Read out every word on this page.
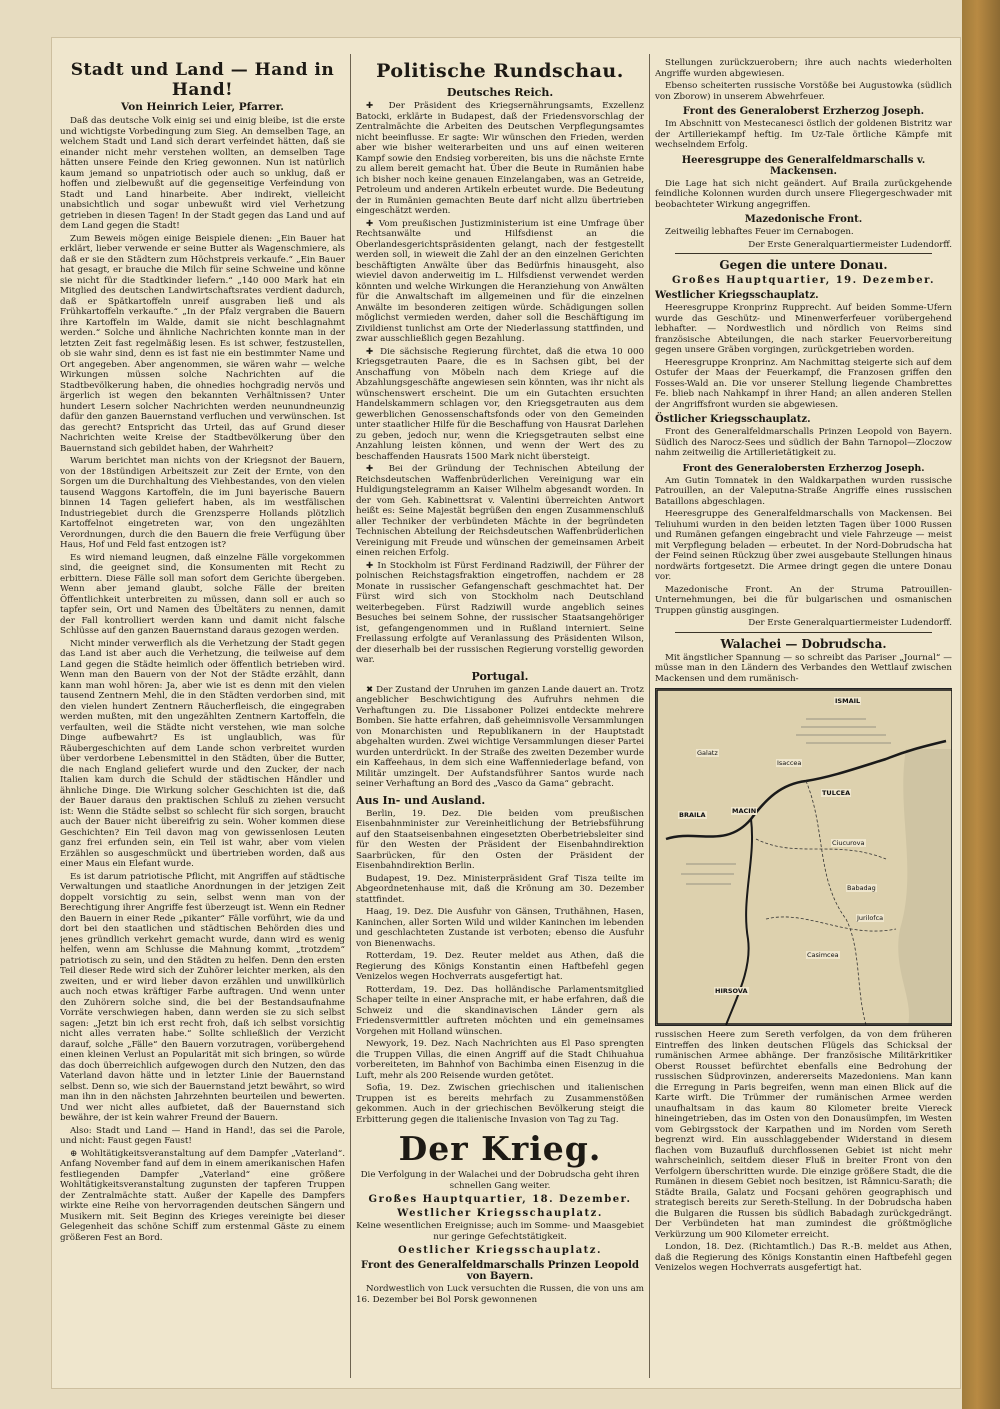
Stadt und Land — Hand in Hand!
Von Heinrich Leier, Pfarrer.

Daß das deutsche Volk einig sei und einig bleibe, ist die erste und wichtigste Vorbedingung zum Sieg. An demselben Tage, an welchem Stadt und Land sich derart verfeindet hätten, daß sie einander nicht mehr verstehen wollten, an demselben Tage hätten unsere Feinde den Krieg gewonnen. Nun ist natürlich kaum jemand so unpatriotisch oder auch so unklug, daß er hoffen und zielbewußt auf die gegenseitige Verfeindung von Stadt und Land hinarbeite. Aber indirekt, vielleicht unabsichtlich und sogar unbewußt wird viel Verhetzung getrieben in diesen Tagen! In der Stadt gegen das Land und auf dem Land gegen die Stadt!

Zum Beweis mögen einige Beispiele dienen: „Ein Bauer hat erklärt, lieber verwende er seine Butter als Wagenschmiere, als daß er sie den Städtern zum Höchstpreis verkaufe.“ „Ein Bauer hat gesagt, er brauche die Milch für seine Schweine und könne sie nicht für die Stadtkinder liefern.“ „140 000 Mark hat ein Mitglied des deutschen Landwirtschaftsrates verdient dadurch, daß er Spätkartoffeln unreif ausgraben ließ und als Frühkartoffeln verkaufte.“ „In der Pfalz vergraben die Bauern ihre Kartoffeln im Walde, damit sie nicht beschlagnahmt werden.“ Solche und ähnliche Nachrichten konnte man in der letzten Zeit fast regelmäßig lesen. Es ist schwer, festzustellen, ob sie wahr sind, denn es ist fast nie ein bestimmter Name und Ort angegeben. Aber angenommen, sie wären wahr — welche Wirkungen müssen solche Nachrichten auf die Stadtbevölkerung haben, die ohnedies hochgradig nervös und ärgerlich ist wegen den bekannten Verhältnissen? Unter hundert Lesern solcher Nachrichten werden neunundneunzig dafür den ganzen Bauernstand verfluchen und verwünschen. Ist das gerecht? Entspricht das Urteil, das auf Grund dieser Nachrichten weite Kreise der Stadtbevölkerung über den Bauernstand sich gebildet haben, der Wahrheit?

Warum berichtet man nichts von der Kriegsnot der Bauern, von der 18stündigen Arbeitszeit zur Zeit der Ernte, von den Sorgen um die Durchhaltung des Viehbestandes, von den vielen tausend Waggons Kartoffeln, die im Juni bayerische Bauern binnen 14 Tagen geliefert haben, als im westfälischen Industriegebiet durch die Grenzsperre Hollands plötzlich Kartoffelnot eingetreten war, von den ungezählten Verordnungen, durch die den Bauern die freie Verfügung über Haus, Hof und Feld fast entzogen ist?

Es wird niemand leugnen, daß einzelne Fälle vorgekommen sind, die geeignet sind, die Konsumenten mit Recht zu erbittern. Diese Fälle soll man sofort dem Gerichte übergeben. Wenn aber jemand glaubt, solche Fälle der breiten Öffentlichkeit unterbreiten zu müssen, dann soll er auch so tapfer sein, Ort und Namen des Übeltäters zu nennen, damit der Fall kontrolliert werden kann und damit nicht falsche Schlüsse auf den ganzen Bauernstand daraus gezogen werden.

Nicht minder verwerflich als die Verhetzung der Stadt gegen das Land ist aber auch die Verhetzung, die teilweise auf dem Land gegen die Städte heimlich oder öffentlich betrieben wird. Wenn man den Bauern von der Not der Städte erzählt, dann kann man wohl hören: Ja, aber wie ist es denn mit den vielen tausend Zentnern Mehl, die in den Städten verdorben sind, mit den vielen hundert Zentnern Räucherfleisch, die eingegraben werden mußten, mit den ungezählten Zentnern Kartoffeln, die verfaulten, weil die Städte nicht verstehen, wie man solche Dinge aufbewahrt? Es ist unglaublich, was für Räubergeschichten auf dem Lande schon verbreitet wurden über verdorbene Lebensmittel in den Städten, über die Butter, die nach England geliefert wurde und den Zucker, der nach Italien kam durch die Schuld der städtischen Händler und ähnliche Dinge. Die Wirkung solcher Geschichten ist die, daß der Bauer daraus den praktischen Schluß zu ziehen versucht ist: Wenn die Städte selbst so schlecht für sich sorgen, braucht auch der Bauer nicht übereifrig zu sein. Woher kommen diese Geschichten? Ein Teil davon mag von gewissenlosen Leuten ganz frei erfunden sein, ein Teil ist wahr, aber vom vielen Erzählen so ausgeschmückt und übertrieben worden, daß aus einer Maus ein Elefant wurde.

Es ist darum patriotische Pflicht, mit Angriffen auf städtische Verwaltungen und staatliche Anordnungen in der jetzigen Zeit doppelt vorsichtig zu sein, selbst wenn man von der Berechtigung ihrer Angriffe fest überzeugt ist. Wenn ein Redner den Bauern in einer Rede „pikanter“ Fälle vorführt, wie da und dort bei den staatlichen und städtischen Behörden dies und jenes gründlich verkehrt gemacht wurde, dann wird es wenig helfen, wenn am Schlusse die Mahnung kommt, „trotzdem“ patriotisch zu sein, und den Städten zu helfen. Denn den ersten Teil dieser Rede wird sich der Zuhörer leichter merken, als den zweiten, und er wird lieber davon erzählen und unwillkürlich auch noch etwas kräftiger Farbe auftragen. Und wenn unter den Zuhörern solche sind, die bei der Bestandsaufnahme Vorräte verschwiegen haben, dann werden sie zu sich selbst sagen: „Jetzt bin ich erst recht froh, daß ich selbst vorsichtig nicht alles verraten habe.“ Sollte schließlich der Verzicht darauf, solche „Fälle“ den Bauern vorzutragen, vorübergehend einen kleinen Verlust an Popularität mit sich bringen, so würde das doch überreichlich aufgewogen durch den Nutzen, den das Vaterland davon hätte und in letzter Linie der Bauernstand selbst. Denn so, wie sich der Bauernstand jetzt bewährt, so wird man ihn in den nächsten Jahrzehnten beurteilen und bewerten. Und wer nicht alles aufbietet, daß der Bauernstand sich bewähre, der ist kein wahrer Freund der Bauern.

Also: Stadt und Land — Hand in Hand!, das sei die Parole, und nicht: Faust gegen Faust!

⊕ Wohltätigkeitsveranstaltung auf dem Dampfer „Vaterland“. Anfang November fand auf dem in einem amerikanischen Hafen festliegenden Dampfer „Vaterland“ eine größere Wohltätigkeitsveranstaltung zugunsten der tapferen Truppen der Zentralmächte statt. Außer der Kapelle des Dampfers wirkte eine Reihe von hervorragenden deutschen Sängern und Musikern mit. Seit Beginn des Krieges vereinigte bei dieser Gelegenheit das schöne Schiff zum erstenmal Gäste zu einem größeren Fest an Bord.

Politische Rundschau.
Deutsches Reich.

✚ Der Präsident des Kriegsernährungsamts, Exzellenz Batocki, erklärte in Budapest, daß der Friedensvorschlag der Zentralmächte die Arbeiten des Deutschen Verpflegungsamtes nicht beeinflusse. Er sagte: Wir wünschen den Frieden, werden aber wie bisher weiterarbeiten und uns auf einen weiteren Kampf sowie den Endsieg vorbereiten, bis uns die nächste Ernte zu allem bereit gemacht hat. Über die Beute in Rumänien habe ich bisher noch keine genauen Einzelangaben, was an Getreide, Petroleum und anderen Artikeln erbeutet wurde. Die Bedeutung der in Rumänien gemachten Beute darf nicht allzu übertrieben eingeschätzt werden.

✚ Vom preußischen Justizministerium ist eine Umfrage über Rechtsanwälte und Hilfsdienst an die Oberlandesgerichtspräsidenten gelangt, nach der festgestellt werden soll, in wieweit die Zahl der an den einzelnen Gerichten beschäftigten Anwälte über das Bedürfnis hinausgeht, also wieviel davon anderweitig im L. Hilfsdienst verwendet werden könnten und welche Wirkungen die Heranziehung von Anwälten für die Anwaltschaft im allgemeinen und für die einzelnen Anwälte im besonderen zeitigen würde. Schädigungen sollen möglichst vermieden werden, daher soll die Beschäftigung im Zivildienst tunlichst am Orte der Niederlassung stattfinden, und zwar ausschließlich gegen Bezahlung.

✚ Die sächsische Regierung fürchtet, daß die etwa 10 000 Kriegsgetrauten Paare, die es in Sachsen gibt, bei der Anschaffung von Möbeln nach dem Kriege auf die Abzahlungsgeschäfte angewiesen sein könnten, was ihr nicht als wünschenswert erscheint. Die um ein Gutachten ersuchten Handelskammern schlagen vor, den Kriegsgetrauten aus dem gewerblichen Genossenschaftsfonds oder von den Gemeinden unter staatlicher Hilfe für die Beschaffung von Hausrat Darlehen zu geben, jedoch nur, wenn die Kriegsgetrauten selbst eine Anzahlung leisten können, und wenn der Wert des zu beschaffenden Hausrats 1500 Mark nicht übersteigt.

✚ Bei der Gründung der Technischen Abteilung der Reichsdeutschen Waffenbrüderlichen Vereinigung war ein Huldigungstelegramm an Kaiser Wilhelm abgesandt worden. In der vom Geh. Kabinettsrat v. Valentini überreichten Antwort heißt es: Seine Majestät begrüßen den engen Zusammenschluß aller Techniker der verbündeten Mächte in der begründeten Technischen Abteilung der Reichsdeutschen Waffenbrüderlichen Vereinigung mit Freude und wünschen der gemeinsamen Arbeit einen reichen Erfolg.

✚ In Stockholm ist Fürst Ferdinand Radziwill, der Führer der polnischen Reichstagsfraktion eingetroffen, nachdem er 28 Monate in russischer Gefangenschaft geschmachtet hat. Der Fürst wird sich von Stockholm nach Deutschland weiterbegeben. Fürst Radziwill wurde angeblich seines Besuches bei seinem Sohne, der russischer Staatsangehöriger ist, gefangengenommen und in Rußland interniert. Seine Freilassung erfolgte auf Veranlassung des Präsidenten Wilson, der dieserhalb bei der russischen Regierung vorstellig geworden war.

Portugal.

✖ Der Zustand der Unruhen im ganzen Lande dauert an. Trotz angeblicher Beschwichtigung des Aufruhrs nehmen die Verhaftungen zu. Die Lissaboner Polizei entdeckte mehrere Bomben. Sie hatte erfahren, daß geheimnisvolle Versammlungen von Monarchisten und Republikanern in der Hauptstadt abgehalten wurden. Zwei wichtige Versammlungen dieser Partei wurden unterdrückt. In der Straße des zweiten Dezember wurde ein Kaffeehaus, in dem sich eine Waffenniederlage befand, von Militär umzingelt. Der Aufstandsführer Santos wurde nach seiner Verhaftung an Bord des „Vasco da Gama“ gebracht.

Aus In- und Ausland.

Berlin, 19. Dez. Die beiden vom preußischen Eisenbahnminister zur Vereinheitlichung der Betriebsführung auf den Staatseisenbahnen eingesetzten Oberbetriebsleiter sind für den Westen der Präsident der Eisenbahndirektion Saarbrücken, für den Osten der Präsident der Eisenbahndirektion Berlin.

Budapest, 19. Dez. Ministerpräsident Graf Tisza teilte im Abgeordnetenhause mit, daß die Krönung am 30. Dezember stattfindet.

Haag, 19. Dez. Die Ausfuhr von Gänsen, Truthähnen, Hasen, Kaninchen, aller Sorten Wild und wilder Kaninchen im lebenden und geschlachteten Zustande ist verboten; ebenso die Ausfuhr von Bienenwachs.

Rotterdam, 19. Dez. Reuter meldet aus Athen, daß die Regierung des Königs Konstantin einen Haftbefehl gegen Venizelos wegen Hochverrats ausgefertigt hat.

Rotterdam, 19. Dez. Das holländische Parlamentsmitglied Schaper teilte in einer Ansprache mit, er habe erfahren, daß die Schweiz und die skandinavischen Länder gern als Friedensvermittler auftreten möchten und ein gemeinsames Vorgehen mit Holland wünschen.

Newyork, 19. Dez. Nach Nachrichten aus El Paso sprengten die Truppen Villas, die einen Angriff auf die Stadt Chihuahua vorbereiteten, im Bahnhof von Bachimba einen Eisenzug in die Luft, mehr als 200 Reisende wurden getötet.

Sofia, 19. Dez. Zwischen griechischen und italienischen Truppen ist es bereits mehrfach zu Zusammenstößen gekommen. Auch in der griechischen Bevölkerung steigt die Erbitterung gegen die italienische Invasion von Tag zu Tag.

Der Krieg.

Die Verfolgung in der Walachei und der Dobrudscha geht ihren schnellen Gang weiter.

Großes Hauptquartier, 18. Dezember.
Westlicher Kriegsschauplatz.

Keine wesentlichen Ereignisse; auch im Somme- und Maasgebiet nur geringe Gefechtstätigkeit.

Oestlicher Kriegsschauplatz.
Front des Generalfeldmarschalls Prinzen Leopold von Bayern.

Nordwestlich von Luck versuchten die Russen, die von uns am 16. Dezember bei Bol Porsk gewonnenen

Stellungen zurückzuerobern; ihre auch nachts wiederholten Angriffe wurden abgewiesen.

Ebenso scheiterten russische Vorstöße bei Augustowka (südlich von Zborow) in unserem Abwehrfeuer.

Front des Generaloberst Erzherzog Joseph.

Im Abschnitt von Mestecanesci östlich der goldenen Bistritz war der Artilleriekampf heftig. Im Uz-Tale örtliche Kämpfe mit wechselndem Erfolg.

Heeresgruppe des Generalfeldmarschalls v. Mackensen.

Die Lage hat sich nicht geändert. Auf Braila zurückgehende feindliche Kolonnen wurden durch unsere Fliegergeschwader mit beobachteter Wirkung angegriffen.

Mazedonische Front.

Zeitweilig lebhaftes Feuer im Cernabogen.

Der Erste Generalquartiermeister Ludendorff.

Gegen die untere Donau.
Großes Hauptquartier, 19. Dezember.
Westlicher Kriegsschauplatz.

Heeresgruppe Kronprinz Rupprecht. Auf beiden Somme-Ufern wurde das Geschütz- und Minenwerferfeuer vorübergehend lebhafter. — Nordwestlich und nördlich von Reims sind französische Abteilungen, die nach starker Feuervorbereitung gegen unsere Gräben vorgingen, zurückgetrieben worden.

Heeresgruppe Kronprinz. Am Nachmittag steigerte sich auf dem Ostufer der Maas der Feuerkampf, die Franzosen griffen den Fosses-Wald an. Die vor unserer Stellung liegende Chambrettes Fe. blieb nach Nahkampf in ihrer Hand; an allen anderen Stellen der Angriffsfront wurden sie abgewiesen.

Östlicher Kriegsschauplatz.

Front des Generalfeldmarschalls Prinzen Leopold von Bayern. Südlich des Narocz-Sees und südlich der Bahn Tarnopol—Zloczow nahm zeitweilig die Artillerietätigkeit zu.

Front des Generalobersten Erzherzog Joseph.

Am Gutin Tomnatek in den Waldkarpathen wurden russische Patrouillen, an der Valeputna-Straße Angriffe eines russischen Bataillons abgeschlagen.

Heeresgruppe des Generalfeldmarschalls von Mackensen. Bei Teliuhumi wurden in den beiden letzten Tagen über 1000 Russen und Rumänen gefangen eingebracht und viele Fahrzeuge — meist mit Verpflegung beladen — erbeutet. In der Nord-Dobrudscha hat der Feind seinen Rückzug über zwei ausgebaute Stellungen hinaus nordwärts fortgesetzt. Die Armee dringt gegen die untere Donau vor.

Mazedonische Front. An der Struma Patrouillen-Unternehmungen, bei die für bulgarischen und osmanischen Truppen günstig ausgingen.

Der Erste Generalquartiermeister Ludendorff.

Walachei — Dobrudscha.

Mit ängstlicher Spannung — so schreibt das Pariser „Journal“ — müsse man in den Ländern des Verbandes den Wettlauf zwischen Mackensen und dem rumänisch-

ISMAIL
MACIN
TULCEA
BRAILA
HIRSOVA
Babadag
Galatz
Isaccea
Jurilofca
Ciucurova
Casimcea

russischen Heere zum Sereth verfolgen, da von dem früheren Eintreffen des linken deutschen Flügels das Schicksal der rumänischen Armee abhänge. Der französische Militärkritiker Oberst Rousset befürchtet ebenfalls eine Bedrohung der russischen Südprovinzen, andererseits Mazedoniens. Man kann die Erregung in Paris begreifen, wenn man einen Blick auf die Karte wirft. Die Trümmer der rumänischen Armee werden unaufhaltsam in das kaum 80 Kilometer breite Viereck hineingetrieben, das im Osten von den Donausümpfen, im Westen vom Gebirgsstock der Karpathen und im Norden vom Sereth begrenzt wird. Ein ausschlaggebender Widerstand in diesem flachen vom Buzaufluß durchflossenen Gebiet ist nicht mehr wahrscheinlich, seitdem dieser Fluß in breiter Front von den Verfolgern überschritten wurde. Die einzige größere Stadt, die die Rumänen in diesem Gebiet noch besitzen, ist Râmnicu-Sarath; die Städte Braila, Galatz und Focșani gehören geographisch und strategisch bereits zur Sereth-Stellung. In der Dobrudscha haben die Bulgaren die Russen bis südlich Babadagh zurückgedrängt. Der Verbündeten hat man zumindest die größtmögliche Verkürzung um 900 Kilometer erreicht.

London, 18. Dez. (Richtamtlich.) Das R.-B. meldet aus Athen, daß die Regierung des Königs Konstantin einen Haftbefehl gegen Venizelos wegen Hochverrats ausgefertigt hat.
